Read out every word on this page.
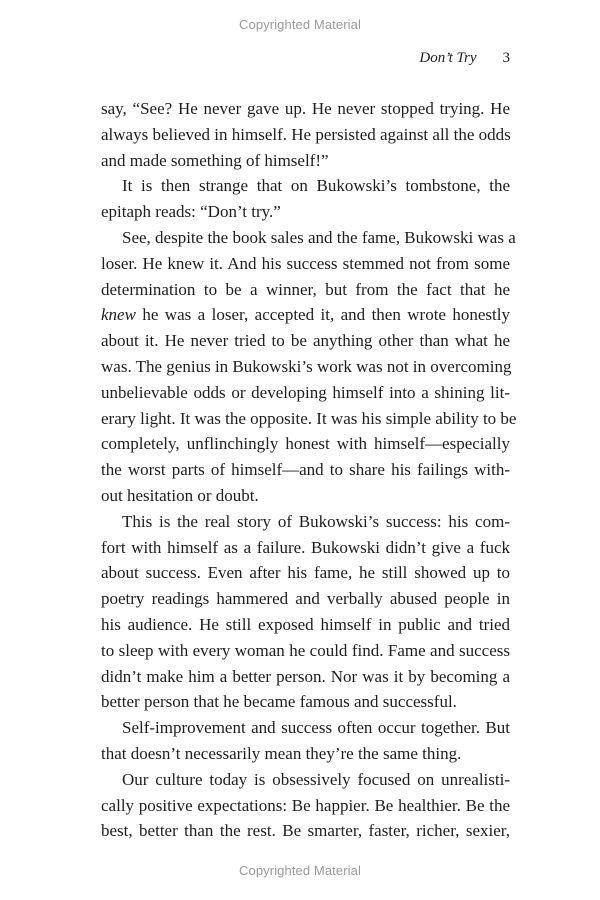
Copyrighted Material
Don’t Try 3

say, “See? He never gave up. He never stopped trying. He
always believed in himself. He persisted against all the odds
and made something of himself!”

It is then strange that on Bukowski’s tombstone, the
epitaph reads: “Don’t try.”

See, despite the book sales and the fame, Bukowski was a
loser. He knew it. And his success stemmed not from some
determination to be a winner, but from the fact that he
knew he was a loser, accepted it, and then wrote honestly
about it. He never tried to be anything other than what he
was. The genius in Bukowski’s work was not in overcoming
unbelievable odds or developing himself into a shining lit-
erary light. It was the opposite. It was his simple ability to be
completely, unflinchingly honest with himself—especially
the worst parts of himself—and to share his failings with-
out hesitation or doubt.

This is the real story of Bukowski’s success: his com-
fort with himself as a failure. Bukowski didn’t give a fuck
about success. Even after his fame, he still showed up to
poetry readings hammered and verbally abused people in
his audience. He still exposed himself in public and tried
to sleep with every woman he could find. Fame and success
didn’t make him a better person. Nor was it by becoming a
better person that he became famous and successful.

Self-improvement and success often occur together. But
that doesn’t necessarily mean they’re the same thing.

Our culture today is obsessively focused on unrealisti-
cally positive expectations: Be happier. Be healthier. Be the
best, better than the rest. Be smarter, faster, richer, sexier,

Copyrighted Material
